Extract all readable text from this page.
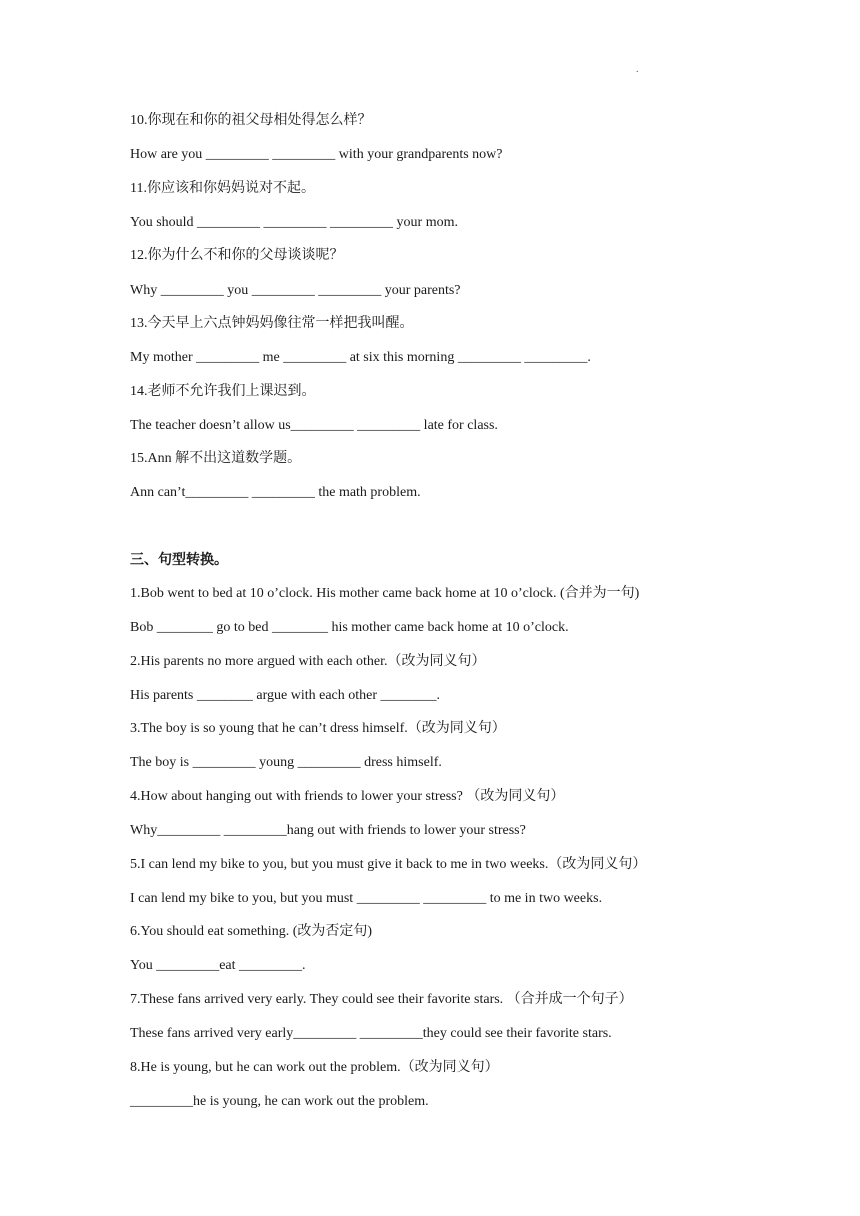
.
10.你现在和你的祖父母相处得怎么样？
How are you _________ _________ with your grandparents now?
11.你应该和你妈妈说对不起。
You should _________ _________ _________ your mom.
12.你为什么不和你的父母谈谈呢？
Why _________ you _________ _________ your parents?
13.今天早上六点钟妈妈像往常一样把我叫醒。
My mother _________ me _________ at six this morning _________ _________.
14.老师不允许我们上课迟到。
The teacher doesn’t allow us_________ _________ late for class.
15.Ann 解不出这道数学题。
Ann can’t_________ _________ the math problem.
三、句型转换。
1.Bob went to bed at 10 o’clock. His mother came back home at 10 o’clock. (合并为一句)
Bob ________ go to bed ________ his mother came back home at 10 o’clock.
2.His parents no more argued with each other.（改为同义句）
His parents ________ argue with each other ________.
3.The boy is so young that he can’t dress himself.（改为同义句）
The boy is _________ young _________ dress himself.
4.How about hanging out with friends to lower your stress? （改为同义句）
Why_________ _________hang out with friends to lower your stress?
5.I can lend my bike to you, but you must give it back to me in two weeks.（改为同义句）
I can lend my bike to you, but you must _________ _________ to me in two weeks.
6.You should eat something. (改为否定句)
You _________eat _________.
7.These fans arrived very early. They could see their favorite stars. （合并成一个句子）
These fans arrived very early_________ _________they could see their favorite stars.
8.He is young, but he can work out the problem.（改为同义句）
_________he is young, he can work out the problem.
